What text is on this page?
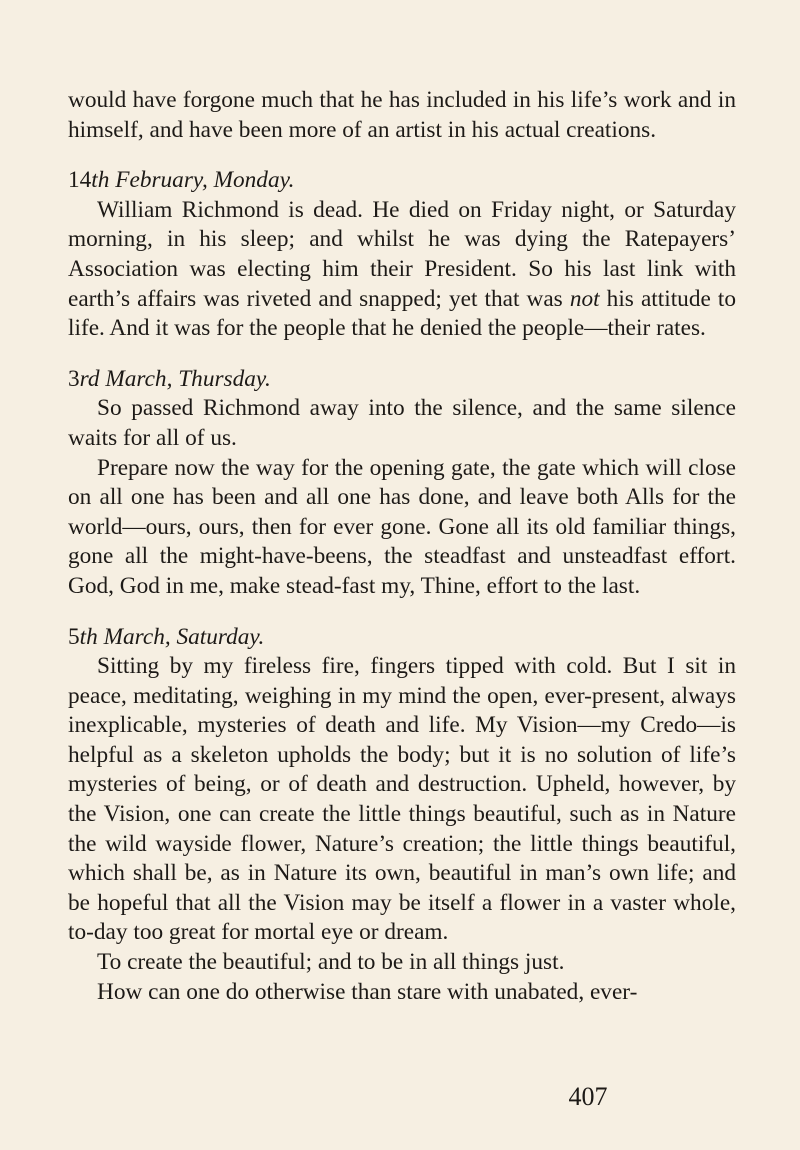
would have forgone much that he has included in his life’s work and in himself, and have been more of an artist in his actual creations.

14th February, Monday.

William Richmond is dead. He died on Friday night, or Saturday morning, in his sleep; and whilst he was dying the Ratepayers’ Association was electing him their President. So his last link with earth’s affairs was riveted and snapped; yet that was not his attitude to life. And it was for the people that he denied the people—their rates.

3rd March, Thursday.

So passed Richmond away into the silence, and the same silence waits for all of us.

Prepare now the way for the opening gate, the gate which will close on all one has been and all one has done, and leave both Alls for the world—ours, ours, then for ever gone. Gone all its old familiar things, gone all the might-have-beens, the steadfast and unsteadfast effort. God, God in me, make stead-fast my, Thine, effort to the last.

5th March, Saturday.

Sitting by my fireless fire, fingers tipped with cold. But I sit in peace, meditating, weighing in my mind the open, ever-present, always inexplicable, mysteries of death and life. My Vision—my Credo—is helpful as a skeleton upholds the body; but it is no solution of life’s mysteries of being, or of death and destruction. Upheld, however, by the Vision, one can create the little things beautiful, such as in Nature the wild wayside flower, Nature’s creation; the little things beautiful, which shall be, as in Nature its own, beautiful in man’s own life; and be hopeful that all the Vision may be itself a flower in a vaster whole, to-day too great for mortal eye or dream.

To create the beautiful; and to be in all things just.

How can one do otherwise than stare with unabated, ever-

407
